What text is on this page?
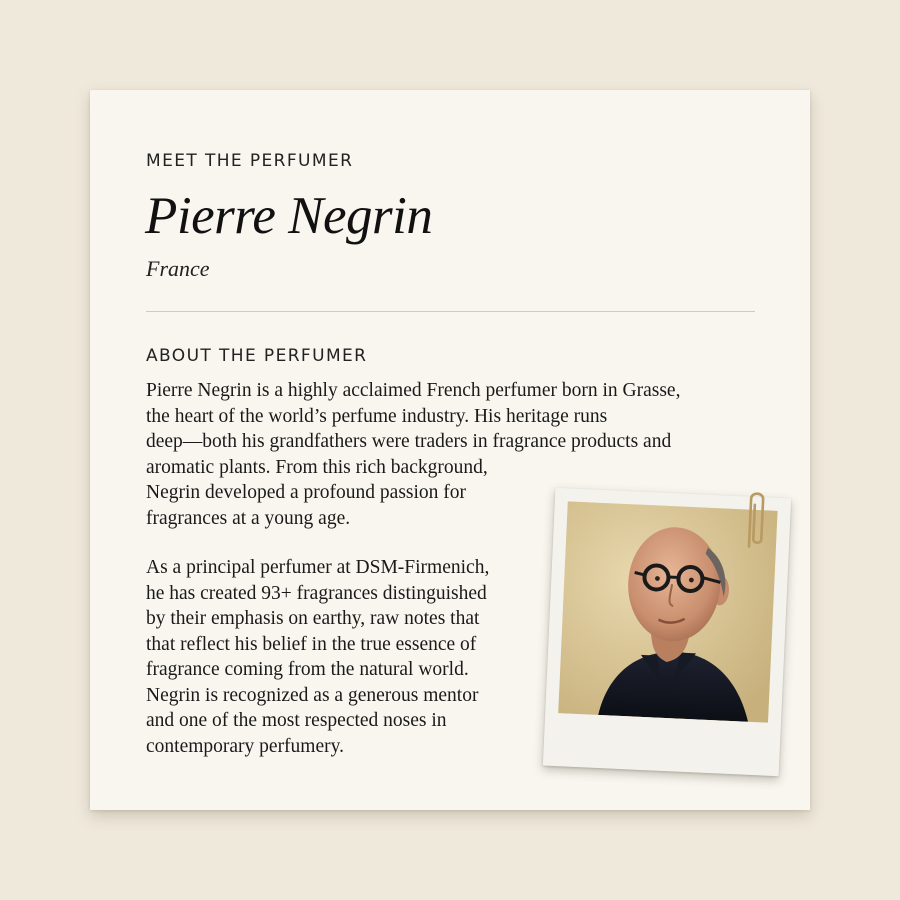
MEET THE PERFUMER
Pierre Negrin
France
ABOUT THE PERFUMER

Pierre Negrin is a highly acclaimed French perfumer born in Grasse,
the heart of the world’s perfume industry. His heritage runs
deep—both his grandfathers were traders in fragrance products and
aromatic plants. From this rich background,
Negrin developed a profound passion for
fragrances at a young age.

As a principal perfumer at DSM-Firmenich,
he has created 93+ fragrances distinguished
by their emphasis on earthy, raw notes that
that reflect his belief in the true essence of
fragrance coming from the natural world.
Negrin is recognized as a generous mentor
and one of the most respected noses in
contemporary perfumery.
